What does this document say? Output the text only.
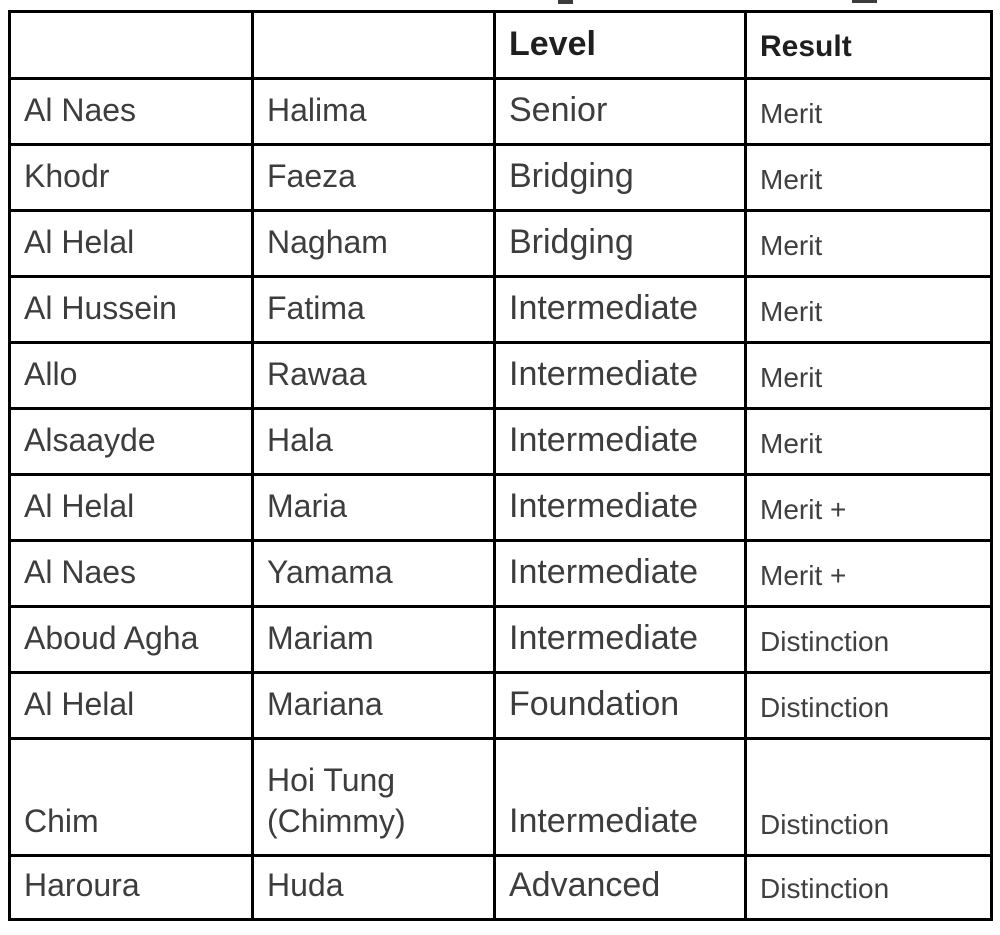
		Level	Result
Al Naes	Halima	Senior	Merit
Khodr	Faeza	Bridging	Merit
Al Helal	Nagham	Bridging	Merit
Al Hussein	Fatima	Intermediate	Merit
Allo	Rawaa	Intermediate	Merit
Alsaayde	Hala	Intermediate	Merit
Al Helal	Maria	Intermediate	Merit +
Al Naes	Yamama	Intermediate	Merit +
Aboud Agha	Mariam	Intermediate	Distinction
Al Helal	Mariana	Foundation	Distinction
Chim	Hoi Tung (Chimmy)	Intermediate	Distinction
Haroura	Huda	Advanced	Distinction
